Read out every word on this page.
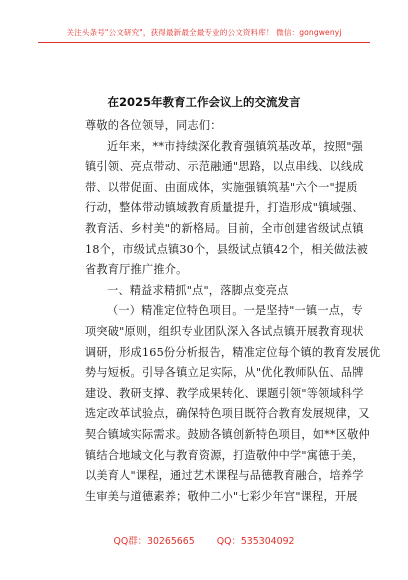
关注头条号"公文研究"，获得最新最全最专业的公文资料库！ 微信：gongwenyj
在2025年教育工作会议上的交流发言
尊敬的各位领导，同志们：
近年来，**市持续深化教育强镇筑基改革，按照"强
镇引领、亮点带动、示范融通"思路，以点串线、以线成
带、以带促面、由面成体，实施强镇筑基"六个一"提质
行动，整体带动镇域教育质量提升，打造形成"镇域强、
教育活、乡村美"的新格局。目前，全市创建省级试点镇
18个，市级试点镇30个，县级试点镇42个，相关做法被
省教育厅推广推介。
一、精益求精抓"点"，落脚点变亮点
（一）精准定位特色项目。一是坚持"一镇一点，专
项突破"原则，组织专业团队深入各试点镇开展教育现状
调研，形成165份分析报告，精准定位每个镇的教育发展优
势与短板。引导各镇立足实际，从"优化教师队伍、品牌
建设、教研支撑、教学成果转化、课题引领"等领域科学
选定改革试验点，确保特色项目既符合教育发展规律，又
契合镇域实际需求。鼓励各镇创新特色项目，如**区敬仲
镇结合地域文化与教育资源，打造敬仲中学"寓德于美，
以美育人"课程，通过艺术课程与品德教育融合，培养学
生审美与道德素养；敬仲二小"七彩少年宫"课程，开展
QQ群：30265665 QQ：535304092
